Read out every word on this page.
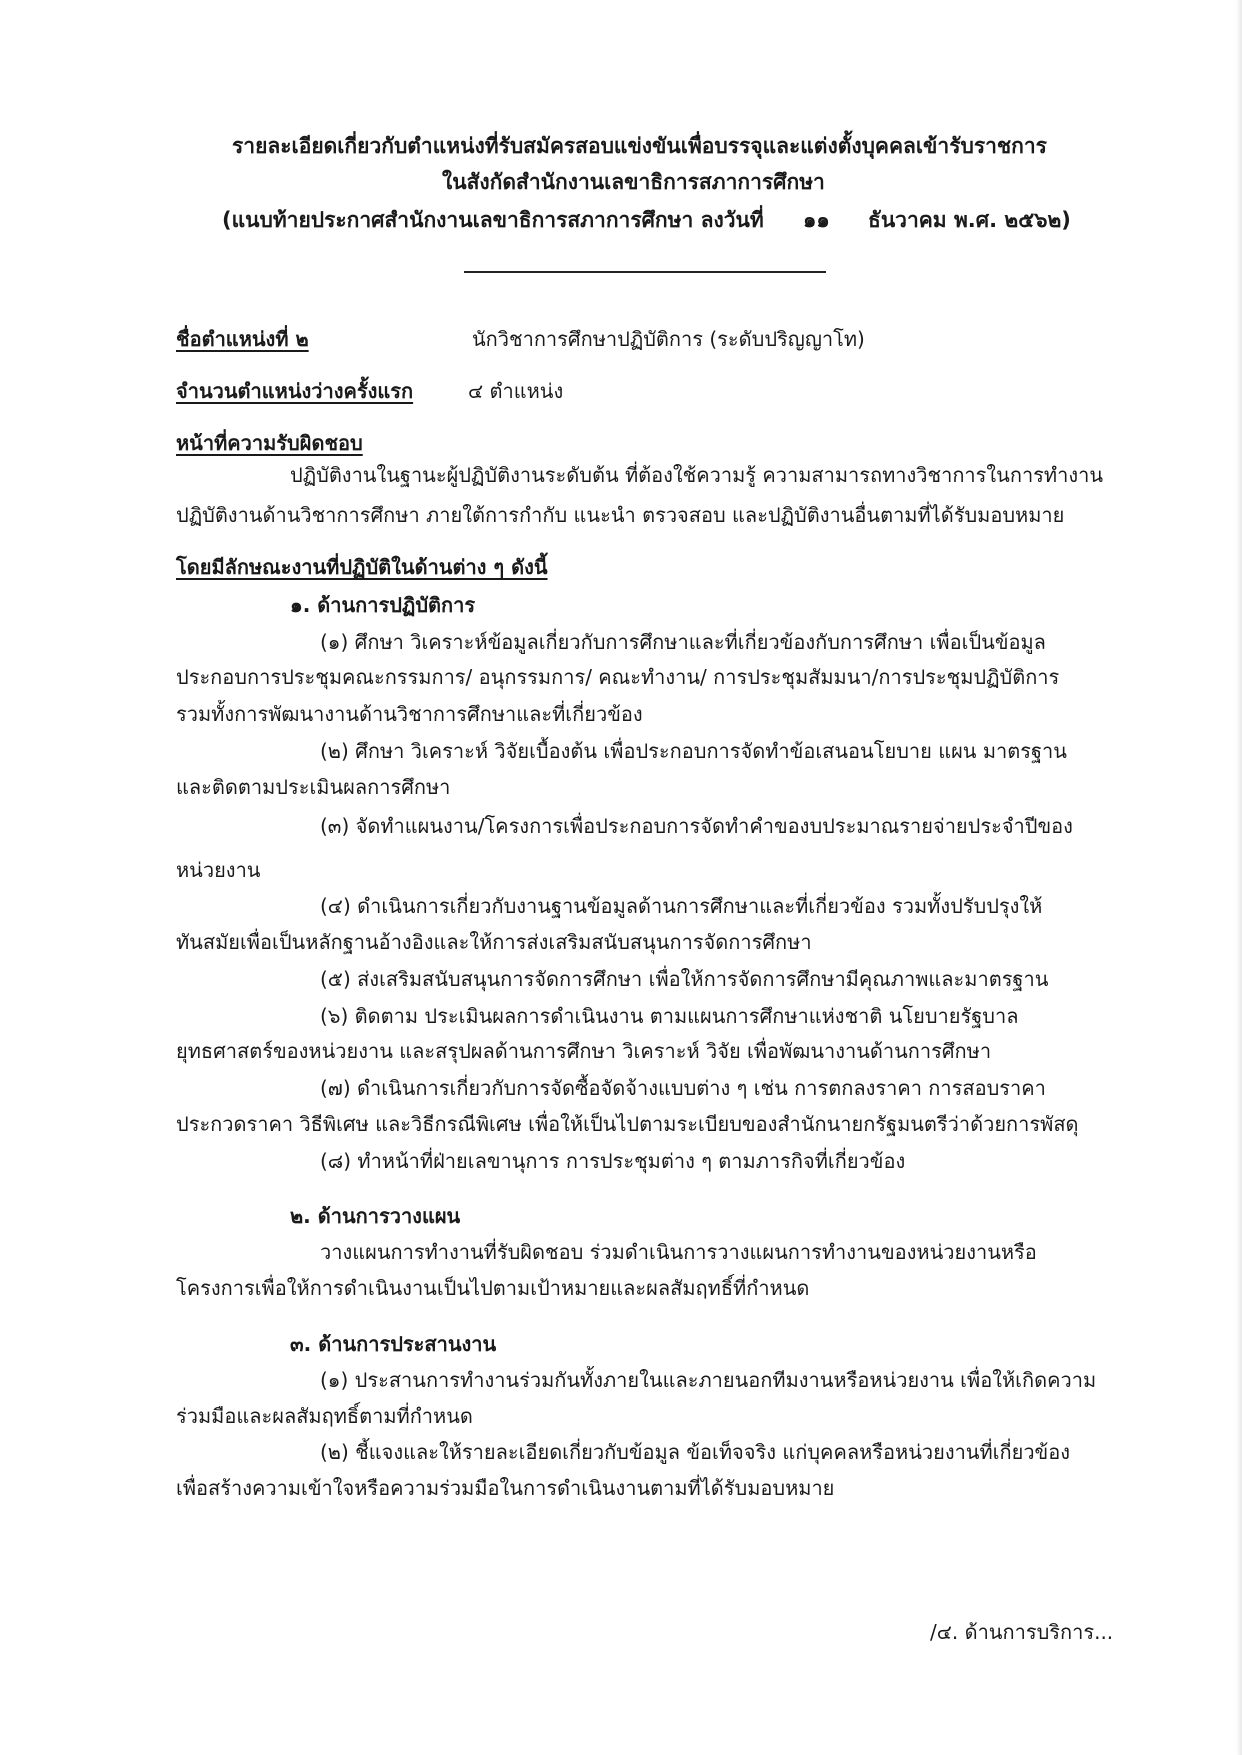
รายละเอียดเกี่ยวกับตำแหน่งที่รับสมัครสอบแข่งขันเพื่อบรรจุและแต่งตั้งบุคคลเข้ารับราชการ
ในสังกัดสำนักงานเลขาธิการสภาการศึกษา
(แนบท้ายประกาศสำนักงานเลขาธิการสภาการศึกษา ลงวันที่ ๑๑ ธันวาคม พ.ศ. ๒๕๖๒)
ชื่อตำแหน่งที่ ๒	นักวิชาการศึกษาปฏิบัติการ (ระดับปริญญาโท)
จำนวนตำแหน่งว่างครั้งแรก	๔ ตำแหน่ง
หน้าที่ความรับผิดชอบ
ปฏิบัติงานในฐานะผู้ปฏิบัติงานระดับต้น ที่ต้องใช้ความรู้ ความสามารถทางวิชาการในการทำงาน
ปฏิบัติงานด้านวิชาการศึกษา ภายใต้การกำกับ แนะนำ ตรวจสอบ และปฏิบัติงานอื่นตามที่ได้รับมอบหมาย
โดยมีลักษณะงานที่ปฏิบัติในด้านต่าง ๆ ดังนี้
๑. ด้านการปฏิบัติการ
(๑) ศึกษา วิเคราะห์ข้อมูลเกี่ยวกับการศึกษาและที่เกี่ยวข้องกับการศึกษา เพื่อเป็นข้อมูล
ประกอบการประชุมคณะกรรมการ/ อนุกรรมการ/ คณะทำงาน/ การประชุมสัมมนา/การประชุมปฏิบัติการ
รวมทั้งการพัฒนางานด้านวิชาการศึกษาและที่เกี่ยวข้อง
(๒) ศึกษา วิเคราะห์ วิจัยเบื้องต้น เพื่อประกอบการจัดทำข้อเสนอนโยบาย แผน มาตรฐาน
และติดตามประเมินผลการศึกษา
(๓) จัดทำแผนงาน/โครงการเพื่อประกอบการจัดทำคำของบประมาณรายจ่ายประจำปีของ
หน่วยงาน
(๔) ดำเนินการเกี่ยวกับงานฐานข้อมูลด้านการศึกษาและที่เกี่ยวข้อง รวมทั้งปรับปรุงให้
ทันสมัยเพื่อเป็นหลักฐานอ้างอิงและให้การส่งเสริมสนับสนุนการจัดการศึกษา
(๕) ส่งเสริมสนับสนุนการจัดการศึกษา เพื่อให้การจัดการศึกษามีคุณภาพและมาตรฐาน
(๖) ติดตาม ประเมินผลการดำเนินงาน ตามแผนการศึกษาแห่งชาติ นโยบายรัฐบาล
ยุทธศาสตร์ของหน่วยงาน และสรุปผลด้านการศึกษา วิเคราะห์ วิจัย เพื่อพัฒนางานด้านการศึกษา
(๗) ดำเนินการเกี่ยวกับการจัดซื้อจัดจ้างแบบต่าง ๆ เช่น การตกลงราคา การสอบราคา
ประกวดราคา วิธีพิเศษ และวิธีกรณีพิเศษ เพื่อให้เป็นไปตามระเบียบของสำนักนายกรัฐมนตรีว่าด้วยการพัสดุ
(๘) ทำหน้าที่ฝ่ายเลขานุการ การประชุมต่าง ๆ ตามภารกิจที่เกี่ยวข้อง
๒. ด้านการวางแผน
วางแผนการทำงานที่รับผิดชอบ ร่วมดำเนินการวางแผนการทำงานของหน่วยงานหรือ
โครงการเพื่อให้การดำเนินงานเป็นไปตามเป้าหมายและผลสัมฤทธิ์ที่กำหนด
๓. ด้านการประสานงาน
(๑) ประสานการทำงานร่วมกันทั้งภายในและภายนอกทีมงานหรือหน่วยงาน เพื่อให้เกิดความ
ร่วมมือและผลสัมฤทธิ์ตามที่กำหนด
(๒) ชี้แจงและให้รายละเอียดเกี่ยวกับข้อมูล ข้อเท็จจริง แก่บุคคลหรือหน่วยงานที่เกี่ยวข้อง
เพื่อสร้างความเข้าใจหรือความร่วมมือในการดำเนินงานตามที่ได้รับมอบหมาย
/๔. ด้านการบริการ...
